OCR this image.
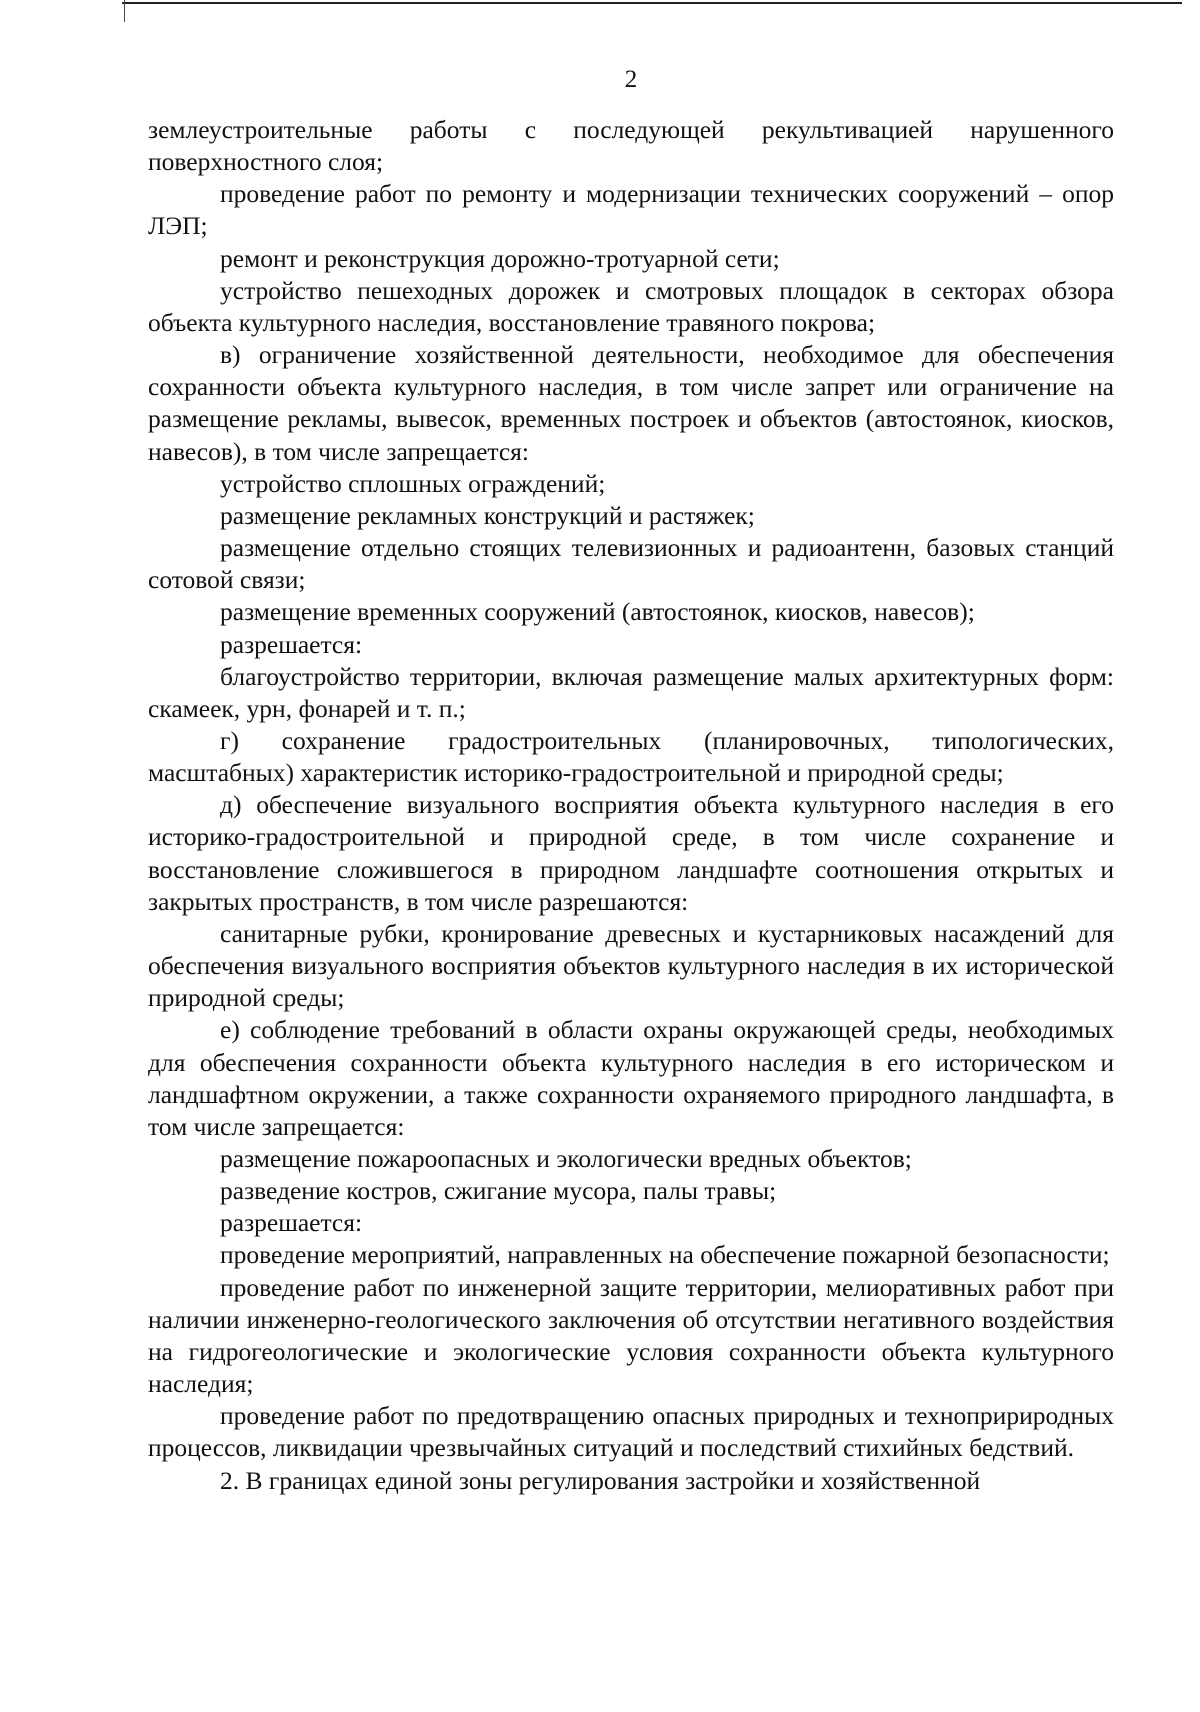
2

землеустроительные работы с последующей рекультивацией нарушенного поверхностного слоя;

проведение работ по ремонту и модернизации технических сооружений – опор ЛЭП;

ремонт и реконструкция дорожно-тротуарной сети;

устройство пешеходных дорожек и смотровых площадок в секторах обзора объекта культурного наследия, восстановление травяного покрова;

в) ограничение хозяйственной деятельности, необходимое для обеспечения сохранности объекта культурного наследия, в том числе запрет или ограничение на размещение рекламы, вывесок, временных построек и объектов (автостоянок, киосков, навесов), в том числе запрещается:

устройство сплошных ограждений;

размещение рекламных конструкций и растяжек;

размещение отдельно стоящих телевизионных и радиоантенн, базовых станций сотовой связи;

размещение временных сооружений (автостоянок, киосков, навесов);

разрешается:

благоустройство территории, включая размещение малых архитектурных форм: скамеек, урн, фонарей и т. п.;

г) сохранение градостроительных (планировочных, типологических, масштабных) характеристик историко-градостроительной и природной среды;

д) обеспечение визуального восприятия объекта культурного наследия в его историко-градостроительной и природной среде, в том числе сохранение и восстановление сложившегося в природном ландшафте соотношения открытых и закрытых пространств, в том числе разрешаются:

санитарные рубки, кронирование древесных и кустарниковых насаждений для обеспечения визуального восприятия объектов культурного наследия в их исторической природной среды;

е) соблюдение требований в области охраны окружающей среды, необходимых для обеспечения сохранности объекта культурного наследия в его историческом и ландшафтном окружении, а также сохранности охраняемого природного ландшафта, в том числе запрещается:

размещение пожароопасных и экологически вредных объектов;

разведение костров, сжигание мусора, палы травы;

разрешается:

проведение мероприятий, направленных на обеспечение пожарной безопасности;

проведение работ по инженерной защите территории, мелиоративных работ при наличии инженерно-геологического заключения об отсутствии негативного воздействия на гидрогеологические и экологические условия сохранности объекта культурного наследия;

проведение работ по предотвращению опасных природных и технопририродных процессов, ликвидации чрезвычайных ситуаций и последствий стихийных бедствий.

2. В границах единой зоны регулирования застройки и хозяйственной
